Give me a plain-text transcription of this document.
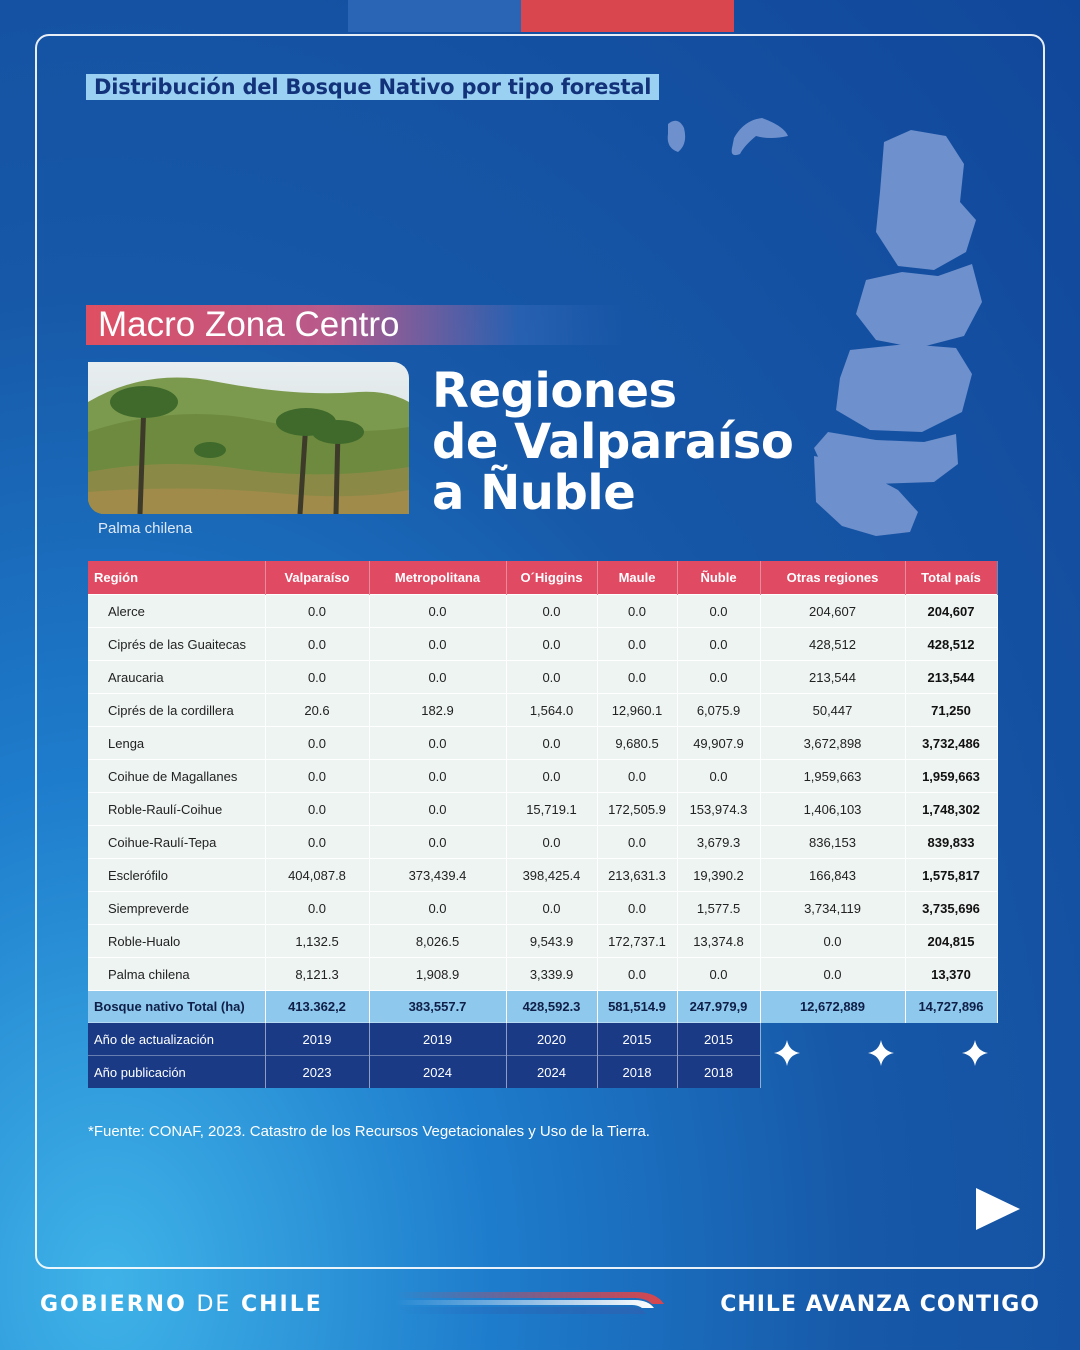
Distribución del Bosque Nativo por tipo forestal
Macro Zona Centro
Palma chilena
Regiones
de Valparaíso
a Ñuble
Región	Valparaíso	Metropolitana	O´Higgins	Maule	Ñuble	Otras regiones	Total país
Alerce	0.0	0.0	0.0	0.0	0.0	204,607	204,607
Ciprés de las Guaitecas	0.0	0.0	0.0	0.0	0.0	428,512	428,512
Araucaria	0.0	0.0	0.0	0.0	0.0	213,544	213,544
Ciprés de la cordillera	20.6	182.9	1,564.0	12,960.1	6,075.9	50,447	71,250
Lenga	0.0	0.0	0.0	9,680.5	49,907.9	3,672,898	3,732,486
Coihue de Magallanes	0.0	0.0	0.0	0.0	0.0	1,959,663	1,959,663
Roble-Raulí-Coihue	0.0	0.0	15,719.1	172,505.9	153,974.3	1,406,103	1,748,302
Coihue-Raulí-Tepa	0.0	0.0	0.0	0.0	3,679.3	836,153	839,833
Esclerófilo	404,087.8	373,439.4	398,425.4	213,631.3	19,390.2	166,843	1,575,817
Siempreverde	0.0	0.0	0.0	0.0	1,577.5	3,734,119	3,735,696
Roble-Hualo	1,132.5	8,026.5	9,543.9	172,737.1	13,374.8	0.0	204,815
Palma chilena	8,121.3	1,908.9	3,339.9	0.0	0.0	0.0	13,370
Bosque nativo Total (ha)	413.362,2	383,557.7	428,592.3	581,514.9	247.979,9	12,672,889	14,727,896
Año de actualización	2019	2019	2020	2015	2015		
Año publicación	2023	2024	2024	2018	2018		
*Fuente: CONAF, 2023. Catastro de los Recursos Vegetacionales y Uso de la Tierra.
GOBIERNO DE CHILE	CHILE AVANZA CONTIGO
